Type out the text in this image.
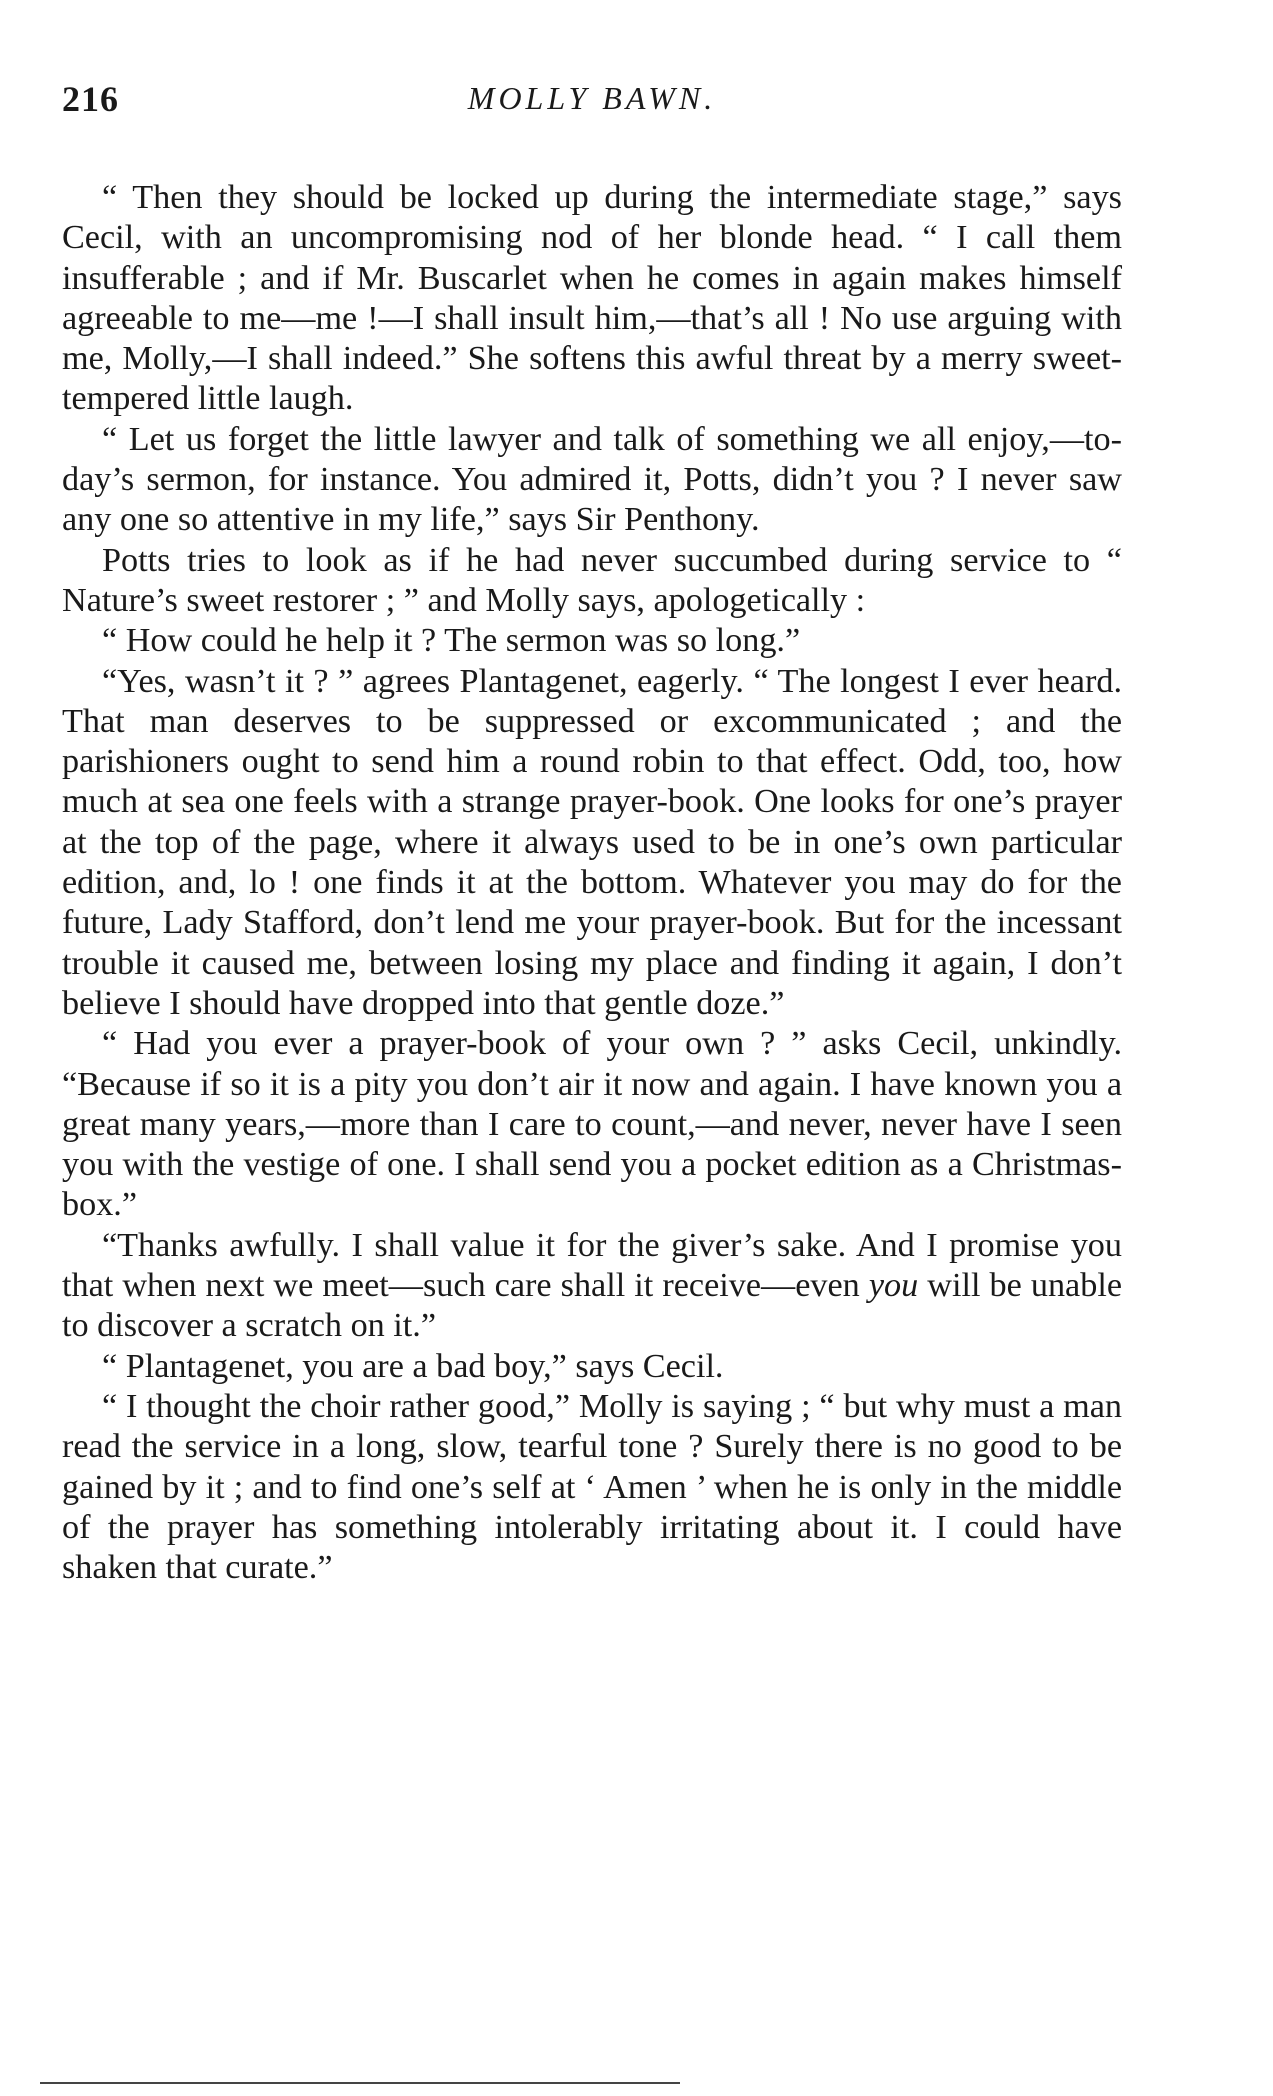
216	MOLLY BAWN.

“ Then they should be locked up during the intermediate stage,” says Cecil, with an uncompromising nod of her blonde head. “ I call them insufferable ; and if Mr. Buscarlet when he comes in again makes himself agreeable to me—me !—I shall insult him,—that’s all ! No use arguing with me, Molly,—I shall indeed.” She softens this awful threat by a merry sweet-tempered little laugh.

“ Let us forget the little lawyer and talk of something we all enjoy,—to-day’s sermon, for instance. You admired it, Potts, didn’t you ? I never saw any one so attentive in my life,” says Sir Penthony.

Potts tries to look as if he had never succumbed during service to “ Nature’s sweet restorer ; ” and Molly says, apologetically :

“ How could he help it ? The sermon was so long.”

“Yes, wasn’t it ? ” agrees Plantagenet, eagerly. “ The longest I ever heard. That man deserves to be suppressed or excommunicated ; and the parishioners ought to send him a round robin to that effect. Odd, too, how much at sea one feels with a strange prayer-book. One looks for one’s prayer at the top of the page, where it always used to be in one’s own particular edition, and, lo ! one finds it at the bottom. Whatever you may do for the future, Lady Stafford, don’t lend me your prayer-book. But for the incessant trouble it caused me, between losing my place and finding it again, I don’t believe I should have dropped into that gentle doze.”

“ Had you ever a prayer-book of your own ? ” asks Cecil, unkindly. “Because if so it is a pity you don’t air it now and again. I have known you a great many years,—more than I care to count,—and never, never have I seen you with the vestige of one. I shall send you a pocket edition as a Christmas-box.”

“Thanks awfully. I shall value it for the giver’s sake. And I promise you that when next we meet—such care shall it receive—even you will be unable to discover a scratch on it.”

“ Plantagenet, you are a bad boy,” says Cecil.

“ I thought the choir rather good,” Molly is saying ; “ but why must a man read the service in a long, slow, tearful tone ? Surely there is no good to be gained by it ; and to find one’s self at ‘ Amen ’ when he is only in the middle of the prayer has something intolerably irritating about it. I could have shaken that curate.”
